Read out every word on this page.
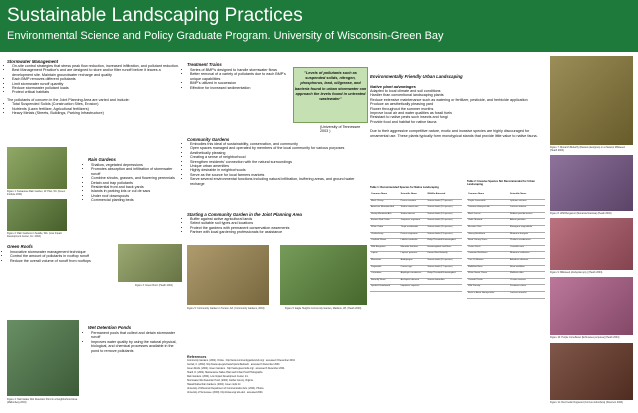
Sustainable Landscaping Practices
Environmental Science and Policy Graduate Program. University of Wisconsin-Green Bay
Stormwater Management
• On-site control strategies that stress peak flow reduction, increased infiltration, and pollutant reduction.
• Best Management Practice's and are designed to store and/or filter runoff before it leaves a development site. Maintain groundwater recharge and quality
• Each BMP removes different pollutants
• Limit stormwater runoff quantity
• Reduce stormwater pollutant loads
• Protect critical habitats
The pollutants of concern in the Joint Planning Area are varied and include:
• Total Suspended Solids (Construction Sites, Erosion)
• Nutrients (Lawn fertilizer, Agricultural fertilizers)
• Heavy Metals (Streets, Buildings, Parking Infrastructure)
Figure 1: Kewaunee Rain Garden, W. Plan, WI. (Green Institute 2004)
Figure 2: Rain Gardens in Seattle, WA. (Low Impact Development Center, Inc. 2004)
Rain Gardens
• Shallow, vegetated depressions
• Promotes absorption and infiltration of stormwater runoff
• Combine shrubs, grasses, and flowering perennials
• Detain and trap pollutants
• Residential front and back yards
• Islands in parking lots or cul de sacs
• Under roof downspouts
• Commercial planting beds
Green Roofs
• Innovative stormwater management technique
• Control the amount of pollutants in rooftop runoff
• Reduce the overall volume of runoff from rooftops
Figure 3: Green Roof. (Heath 2004)
Figure 4: Stormwater Wet Detention Pond in a Neighborhood Area. (Mallonberg 2004)
Wet Detention Ponds
• Permanent pools that collect and detain stormwater runoff
• Improves water quality by using the natural physical, biological, and chemical processes available in the pond to remove pollutants
Treatment Trains
• Series of BMP's designed to handle stormwater flows
• Better removal of a variety of pollutants due to each BMP's unique capabilities
• BMP's utilized in succession
• Effective for increased sedimentation
"Levels of pollutants such as suspended solids, nitrogen, phosphorus, lead, oil/grease, and bacteria found in urban stormwater can approach the levels found in untreated wastewater"
(University of Tennessee 2003 )
Community Gardens
• Embodies this ideal of sustainability, conservation, and community
• Open spaces managed and operated by members of the local community for various purposes
• Aesthetically pleasing
• Creating a sense of neighborhood
• Strengthen residents' connection with the natural surroundings
• Unique urban amenities
• Highly desirable in neighborhoods
• Serve as the source for local farmers markets
• Serve several environmental functions including natural infiltration, buffering areas, and ground water recharge
Starting a Community Garden in the Joint Planning Area
• Buffer against active agricultural lands
• Select suitable soil types and locations
• Protect the gardens with permanent conservation easements
• Partner with local gardening professionals for assistance
Figure 5: Community Garden in Tucson, AZ. (Community Gardens, 2004)	Figure 6: Eagle Heights Community Garden, Madison, WI. (Heath 2004)
References
Community Gardens. (2004). Online . http://www.communitygardenclub.org/ . accessed 3 December 2004.
Gutzeit, C. (2002). http://www.epa.gov/owow/nps/unifiedweb/ . accessed 3 December 2004.
Green Roofs. (2004). Green Gardens . http://www.greenroofs.org/ . accessed 3 December 2004.
Heath, D. (2004). Maintenance Native Plant and Urban Pond Photographs.
Rain Gardens. (2004). Low Impact Development Center, Inc.
Stormwater Wet Detention Pond. (2004). Fairfax County, Virginia.
Hawaii Native Rain Gardens. (2004). Green roofs for.
University of Wisconsin Department of Communication Arts. (2004). Photos.
University of Tennessee. (2003). http://www.engr.utk.edu/ . accessed 2004.
Environmentally Friendly Urban Landscaping
Native plant advantages
Adapted to local climate and soil conditions
Hardier than conventional landscaping plants
Reduce extensive maintenance such as watering or fertilizer, pesticide, and herbicide application
Produce an aesthetically pleasing yard
Flower throughout the summer months
Improve local air and water qualities as fossil fuels
Resistant to native pests such insects and fungi
Provide food and habitat for native fauna
Due to their aggressive competitive nature, exotic and invasive species are highly discouraged for ornamental use. These plants typically form monotypical stands that provide little value to native fauna.
Table 1: Recommended Species for Native Landscaping
Common Name	Scientific Name	Wildlife Attracted
Black Cherry	Prunus serotina	Various birds (27 species)
American Mountain Ash	Sorbus americana	Various birds (16 species)
Showy Mountain Ash	Sorbus decora	Various birds (14 species)
Eastern Red Cedar	Juniperus virginiana	Various birds (20 species)
White Cedar	Thuja occidentalis	Various birds (20 species)
Chokecherry	Prunus virginiana	Various birds (13 species)
Cardinal Flower	Lobelia cardinalis	Ruby-Throated Hummingbird
Wild Bergamot	Monarda fistulosa	Hummingbirds and Bees
Lupine	Lupinus perennis	Karner Blue Butterfly
Bluestems	Andropogon	Various birds (10 species)
Dogwoods	Cornus spp.	Various birds (17 species)
Columbine	Aquilegia canadensis	Ruby-Throated Hummingbird
Butterfly Weed	Asclepias tuberosa	Various butterflies
Spotted Jewelweed	Impatiens capensis	
Table 2: Invasive Species Not Recommended for Urban Landscaping
Common Name	Scientific Name
Purple Loosestrife	Lythrum salicaria
Tartarian Honeysuckle	Lonicera tatarica
Black Locust	Robinia pseudo-acacia
Garlic Mustard	Alliaria petiolata
Russian Olive	Elaeagnus angustifolia
Glossy Buckthorn	Rhamnus frangula
Reed Canary Grass	Phalaris arundinacea
Crown Vetch	Coronilla varia
Common Buckthorn	Rhamnus cathartica
Tree Of Heaven	Ailanthus altissima
Multiflora Rose	Rosa multiflora
White Sweet Clover	Melilotus alba
Canada Thistle	Cirsium arvense
Wild Parsnip	Pastinaca sativa
Bush or Amur Honeysuckle	Lonicera maackii
Figure 7: Monarch Butterfly (Danaus plexippus) on a Swamp Milkweed. (Heath 2004)
Figure 8: Wild Bergamot (Monarda fistulosa) (Heath 2004)
Figure 9: Milkweed (Asclepias spp.) (Heath 2004)
Figure 10: Purple Coneflower (Echinacea purpurea) (Heath 2004)
Figure 11: Red Cedar Dogwood (Cornus stolonifera) (Peterson 2004)
